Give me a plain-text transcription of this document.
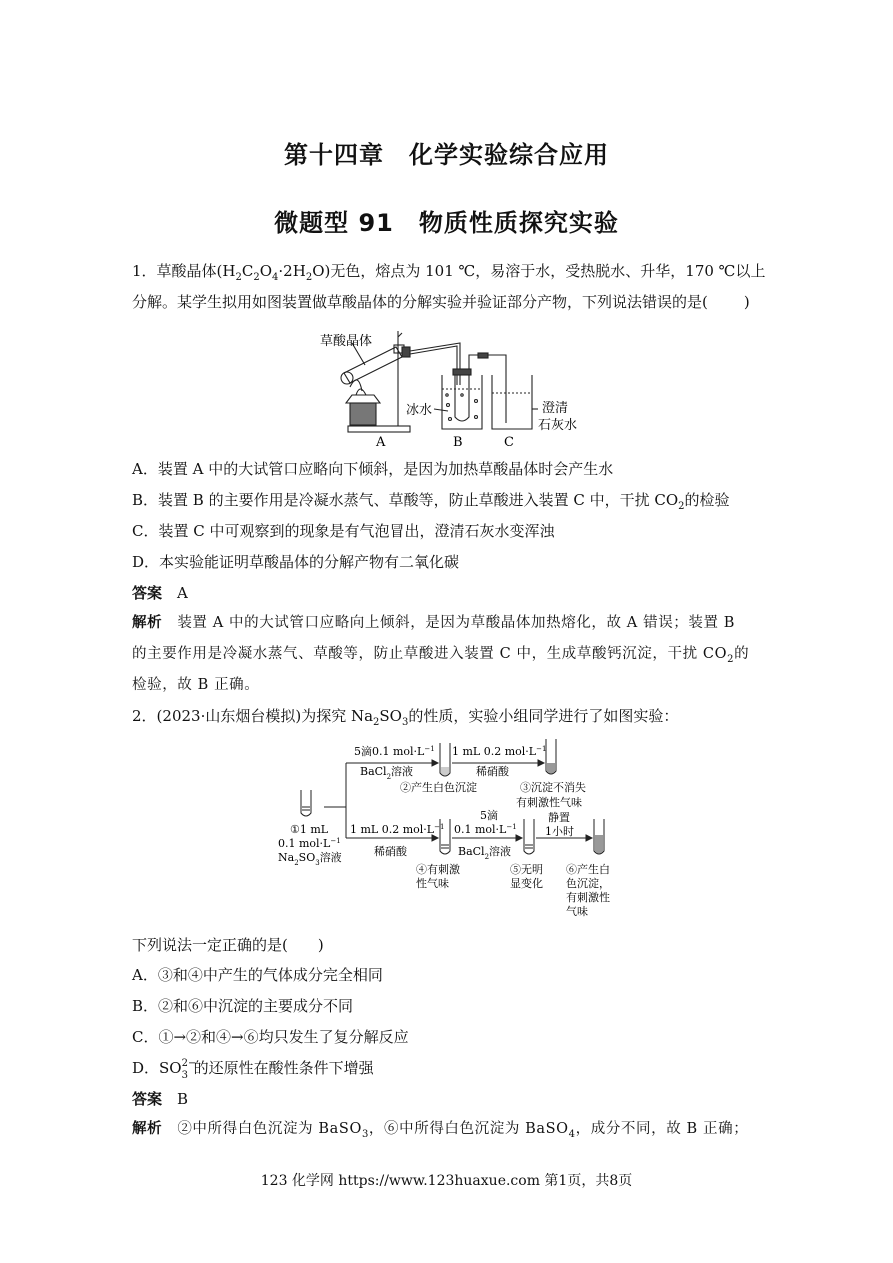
第十四章　化学实验综合应用
微题型 91　物质性质探究实验
1．草酸晶体$(H_2C_2O_4\cdot 2H_2O)$无色，熔点为 101 ℃，易溶于水，受热脱水、升华，170 ℃以上
分解。某学生拟用如图装置做草酸晶体的分解实验并验证部分产物，下列说法错误的是( )
草酸晶体
冰水	澄清
石灰水
A	B	C
A．装置 A 中的大试管口应略向下倾斜，是因为加热草酸晶体时会产生水
B．装置 B 的主要作用是冷凝水蒸气、草酸等，防止草酸进入装置 C 中，干扰 $CO_2$的检验
C．装置 C 中可观察到的现象是有气泡冒出，澄清石灰水变浑浊
D．本实验能证明草酸晶体的分解产物有二氧化碳
答案　 A
解析　 装置 A 中的大试管口应略向上倾斜，是因为草酸晶体加热熔化，故 A 错误；装置 B
的主要作用是冷凝水蒸气、草酸等，防止草酸进入装置 C 中，生成草酸钙沉淀，干扰 $CO_2$的
检验，故 B 正确。
2．(2023·山东烟台模拟)为探究 $Na_2SO_3$的性质，实验小组同学进行了如图实验：
①1 mL
0.1 $mol\cdot L^{-1}$
$Na_2SO_3$溶液
5滴0.1 $mol\cdot L^{-1}$
BaCl$_2$溶液
②产生白色沉淀
1 mL 0.2 $mol\cdot L^{-1}$
稀硝酸
③沉淀不消失
有刺激性气味
1 mL 0.2 $mol\cdot L^{-1}$
稀硝酸
④有刺激
性气味
5滴
0.1 $mol\cdot L^{-1}$
BaCl$_2$溶液
⑤无明
显变化
静置
1小时
⑥产生白
色沉淀，
有刺激性
气味
下列说法一定正确的是( )
A．③和④中产生的气体成分完全相同
B．②和⑥中沉淀的主要成分不同
C．①→②和④→⑥均只发生了复分解反应
D．SO 2−
3 的还原性在酸性条件下增强
答案　 B
解析　 ②中所得白色沉淀为 BaSO$_3$，⑥中所得白色沉淀为 BaSO$_4$，成分不同，故 B 正确；
123 化学网 https://www.123huaxue.com 第1页，共8页
